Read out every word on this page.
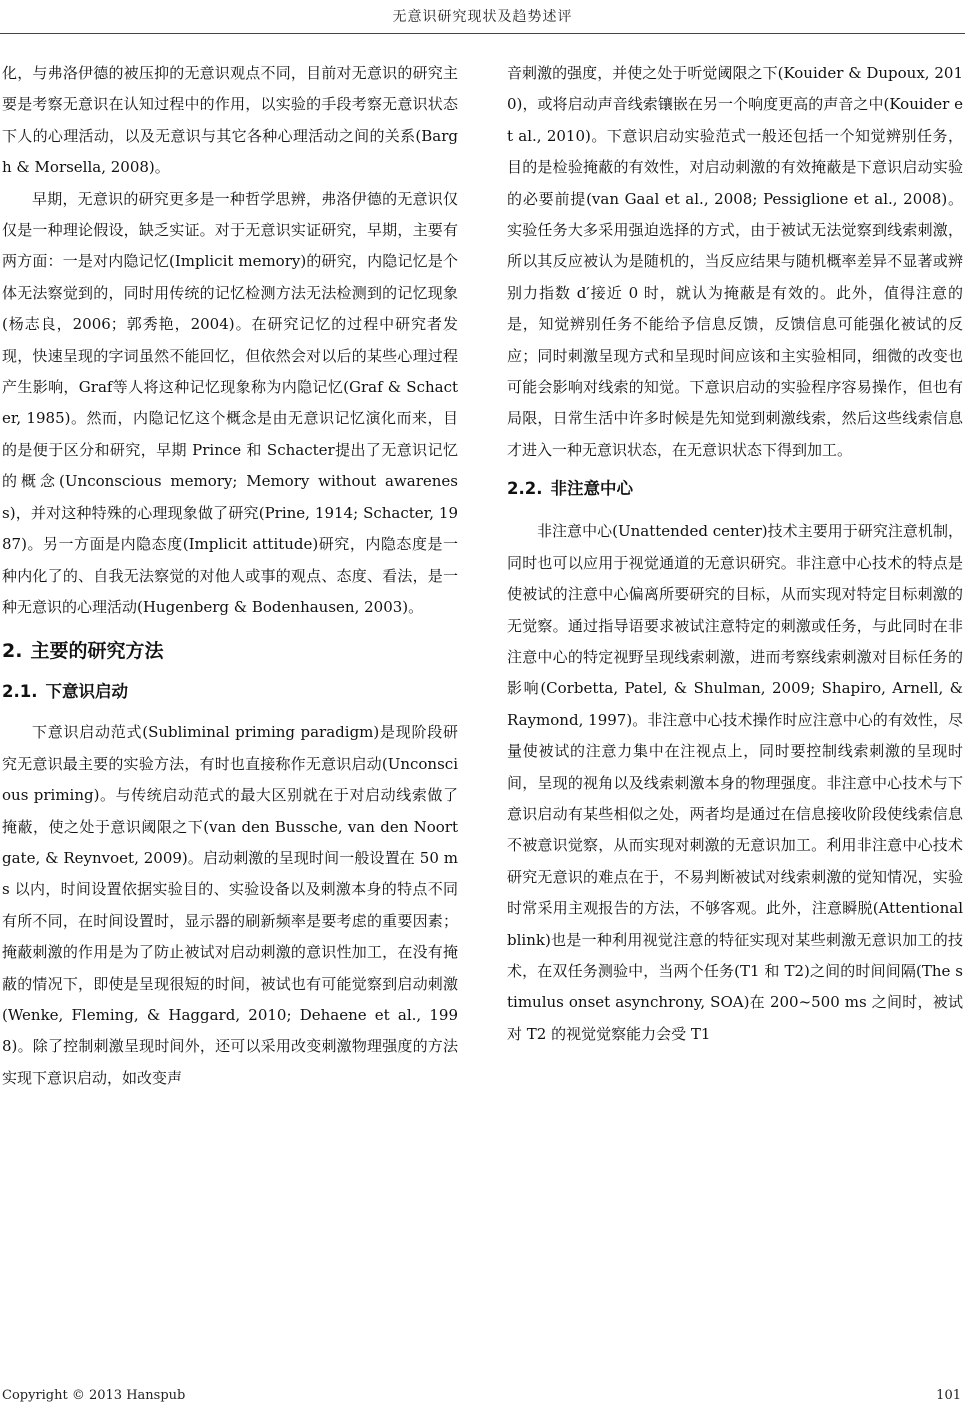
无意识研究现状及趋势述评

化，与弗洛伊德的被压抑的无意识观点不同，目前对无意识的研究主要是考察无意识在认知过程中的作用，以实验的手段考察无意识状态下人的心理活动，以及无意识与其它各种心理活动之间的关系(Bargh & Morsella, 2008)。

早期，无意识的研究更多是一种哲学思辨，弗洛伊德的无意识仅仅是一种理论假设，缺乏实证。对于无意识实证研究，早期，主要有两方面：一是对内隐记忆(Implicit memory)的研究，内隐记忆是个体无法察觉到的，同时用传统的记忆检测方法无法检测到的记忆现象(杨志良，2006；郭秀艳，2004)。在研究记忆的过程中研究者发现，快速呈现的字词虽然不能回忆，但依然会对以后的某些心理过程产生影响，Graf等人将这种记忆现象称为内隐记忆(Graf & Schacter, 1985)。然而，内隐记忆这个概念是由无意识记忆演化而来，目的是便于区分和研究，早期 Prince 和 Schacter提出了无意识记忆的概念(Unconscious memory; Memory without awareness)，并对这种特殊的心理现象做了研究(Prine, 1914; Schacter, 1987)。另一方面是内隐态度(Implicit attitude)研究，内隐态度是一种内化了的、自我无法察觉的对他人或事的观点、态度、看法，是一种无意识的心理活动(Hugenberg & Bodenhausen, 2003)。

2. 主要的研究方法
2.1. 下意识启动

下意识启动范式(Subliminal priming paradigm)是现阶段研究无意识最主要的实验方法，有时也直接称作无意识启动(Unconscious priming)。与传统启动范式的最大区别就在于对启动线索做了掩蔽，使之处于意识阈限之下(van den Bussche, van den Noortgate, & Reynvoet, 2009)。启动刺激的呈现时间一般设置在 50 ms 以内，时间设置依据实验目的、实验设备以及刺激本身的特点不同有所不同，在时间设置时，显示器的刷新频率是要考虑的重要因素；掩蔽刺激的作用是为了防止被试对启动刺激的意识性加工，在没有掩蔽的情况下，即使是呈现很短的时间，被试也有可能觉察到启动刺激(Wenke, Fleming, & Haggard, 2010; Dehaene et al., 1998)。除了控制刺激呈现时间外，还可以采用改变刺激物理强度的方法实现下意识启动，如改变声

音刺激的强度，并使之处于听觉阈限之下(Kouider & Dupoux, 2010)，或将启动声音线索镶嵌在另一个响度更高的声音之中(Kouider et al., 2010)。下意识启动实验范式一般还包括一个知觉辨别任务，目的是检验掩蔽的有效性，对启动刺激的有效掩蔽是下意识启动实验的必要前提(van Gaal et al., 2008; Pessiglione et al., 2008)。实验任务大多采用强迫选择的方式，由于被试无法觉察到线索刺激，所以其反应被认为是随机的，当反应结果与随机概率差异不显著或辨别力指数 d′接近 0 时，就认为掩蔽是有效的。此外，值得注意的是，知觉辨别任务不能给予信息反馈，反馈信息可能强化被试的反应；同时刺激呈现方式和呈现时间应该和主实验相同，细微的改变也可能会影响对线索的知觉。下意识启动的实验程序容易操作，但也有局限，日常生活中许多时候是先知觉到刺激线索，然后这些线索信息才进入一种无意识状态，在无意识状态下得到加工。

2.2. 非注意中心

非注意中心(Unattended center)技术主要用于研究注意机制，同时也可以应用于视觉通道的无意识研究。非注意中心技术的特点是使被试的注意中心偏离所要研究的目标，从而实现对特定目标刺激的无觉察。通过指导语要求被试注意特定的刺激或任务，与此同时在非注意中心的特定视野呈现线索刺激，进而考察线索刺激对目标任务的影响(Corbetta, Patel, & Shulman, 2009; Shapiro, Arnell, & Raymond, 1997)。非注意中心技术操作时应注意中心的有效性，尽量使被试的注意力集中在注视点上，同时要控制线索刺激的呈现时间，呈现的视角以及线索刺激本身的物理强度。非注意中心技术与下意识启动有某些相似之处，两者均是通过在信息接收阶段使线索信息不被意识觉察，从而实现对刺激的无意识加工。利用非注意中心技术研究无意识的难点在于，不易判断被试对线索刺激的觉知情况，实验时常采用主观报告的方法，不够客观。此外，注意瞬脱(Attentional blink)也是一种利用视觉注意的特征实现对某些刺激无意识加工的技术，在双任务测验中，当两个任务(T1 和 T2)之间的时间间隔(The stimulus onset asynchrony, SOA)在 200~500 ms 之间时，被试对 T2 的视觉觉察能力会受 T1

Copyright © 2013 Hanspub	101
